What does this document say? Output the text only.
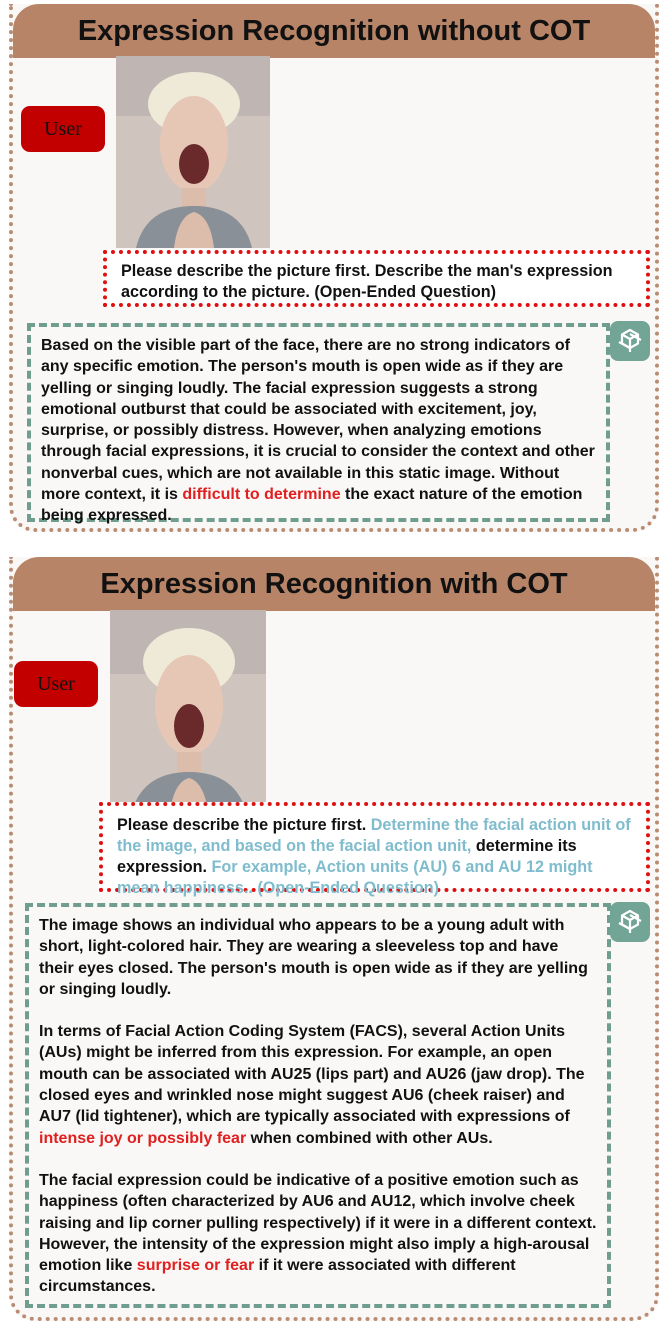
Expression Recognition without COT
User
Please describe the picture first. Describe the man's expression according to the picture. (Open-Ended Question)

Based on the visible part of the face, there are no strong indicators of any specific emotion. The person's mouth is open wide as if they are yelling or singing loudly. The facial expression suggests a strong emotional outburst that could be associated with excitement, joy, surprise, or possibly distress. However, when analyzing emotions through facial expressions, it is crucial to consider the context and other nonverbal cues, which are not available in this static image. Without more context, it is difficult to determine the exact nature of the emotion being expressed.

Expression Recognition with COT
User
Please describe the picture first. Determine the facial action unit of the image, and based on the facial action unit, determine its expression. For example, Action units (AU) 6 and AU 12 might mean happiness.. (Open-Ended Question)

The image shows an individual who appears to be a young adult with short, light-colored hair. They are wearing a sleeveless top and have their eyes closed. The person's mouth is open wide as if they are yelling or singing loudly.

In terms of Facial Action Coding System (FACS), several Action Units (AUs) might be inferred from this expression. For example, an open mouth can be associated with AU25 (lips part) and AU26 (jaw drop). The closed eyes and wrinkled nose might suggest AU6 (cheek raiser) and AU7 (lid tightener), which are typically associated with expressions of intense joy or possibly fear when combined with other AUs.

The facial expression could be indicative of a positive emotion such as happiness (often characterized by AU6 and AU12, which involve cheek raising and lip corner pulling respectively) if it were in a different context. However, the intensity of the expression might also imply a high-arousal emotion like surprise or fear if it were associated with different circumstances.
